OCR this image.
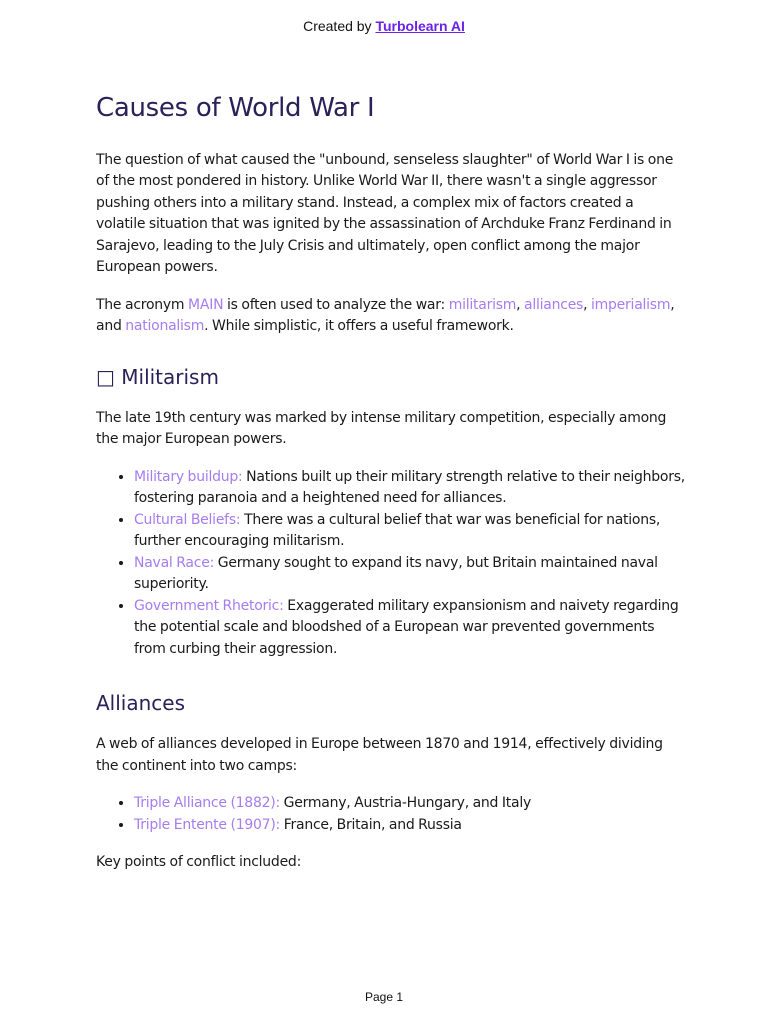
Created by Turbolearn AI
Causes of World War I

The question of what caused the "unbound, senseless slaughter" of World War I is one of the most pondered in history. Unlike World War II, there wasn't a single aggressor pushing others into a military stand. Instead, a complex mix of factors created a volatile situation that was ignited by the assassination of Archduke Franz Ferdinand in Sarajevo, leading to the July Crisis and ultimately, open conflict among the major European powers.

The acronym MAIN is often used to analyze the war: militarism, alliances, imperialism, and nationalism. While simplistic, it offers a useful framework.

□ Militarism

The late 19th century was marked by intense military competition, especially among the major European powers.

• Military buildup: Nations built up their military strength relative to their neighbors, fostering paranoia and a heightened need for alliances.
• Cultural Beliefs: There was a cultural belief that war was beneficial for nations, further encouraging militarism.
• Naval Race: Germany sought to expand its navy, but Britain maintained naval superiority.
• Government Rhetoric: Exaggerated military expansionism and naivety regarding the potential scale and bloodshed of a European war prevented governments from curbing their aggression.
Alliances

A web of alliances developed in Europe between 1870 and 1914, effectively dividing the continent into two camps:

• Triple Alliance (1882): Germany, Austria-Hungary, and Italy
• Triple Entente (1907): France, Britain, and Russia

Key points of conflict included:

Page 1
